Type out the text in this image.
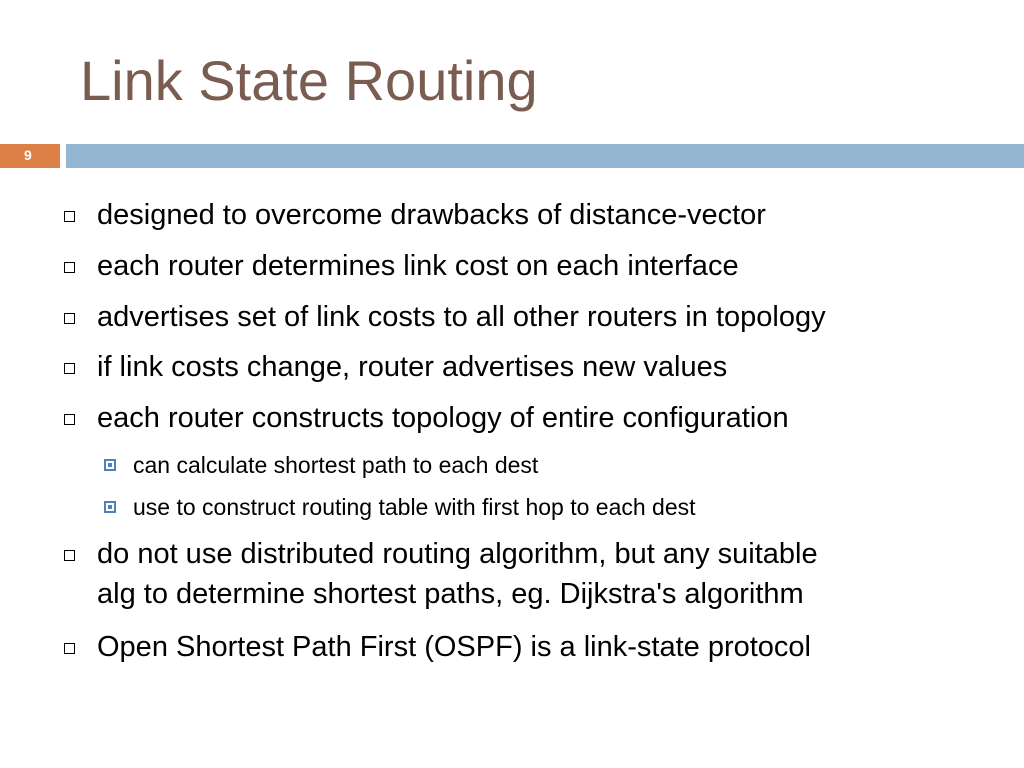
Link State Routing
9
designed to overcome drawbacks of distance-vector
each router determines link cost on each interface
advertises set of link costs to all other routers in topology
if link costs change, router advertises new values
each router constructs topology of entire configuration
can calculate shortest path to each dest
use to construct routing table with first hop to each dest
do not use distributed routing algorithm, but any suitable
alg to determine shortest paths, eg. Dijkstra's algorithm
Open Shortest Path First (OSPF) is a link-state protocol
